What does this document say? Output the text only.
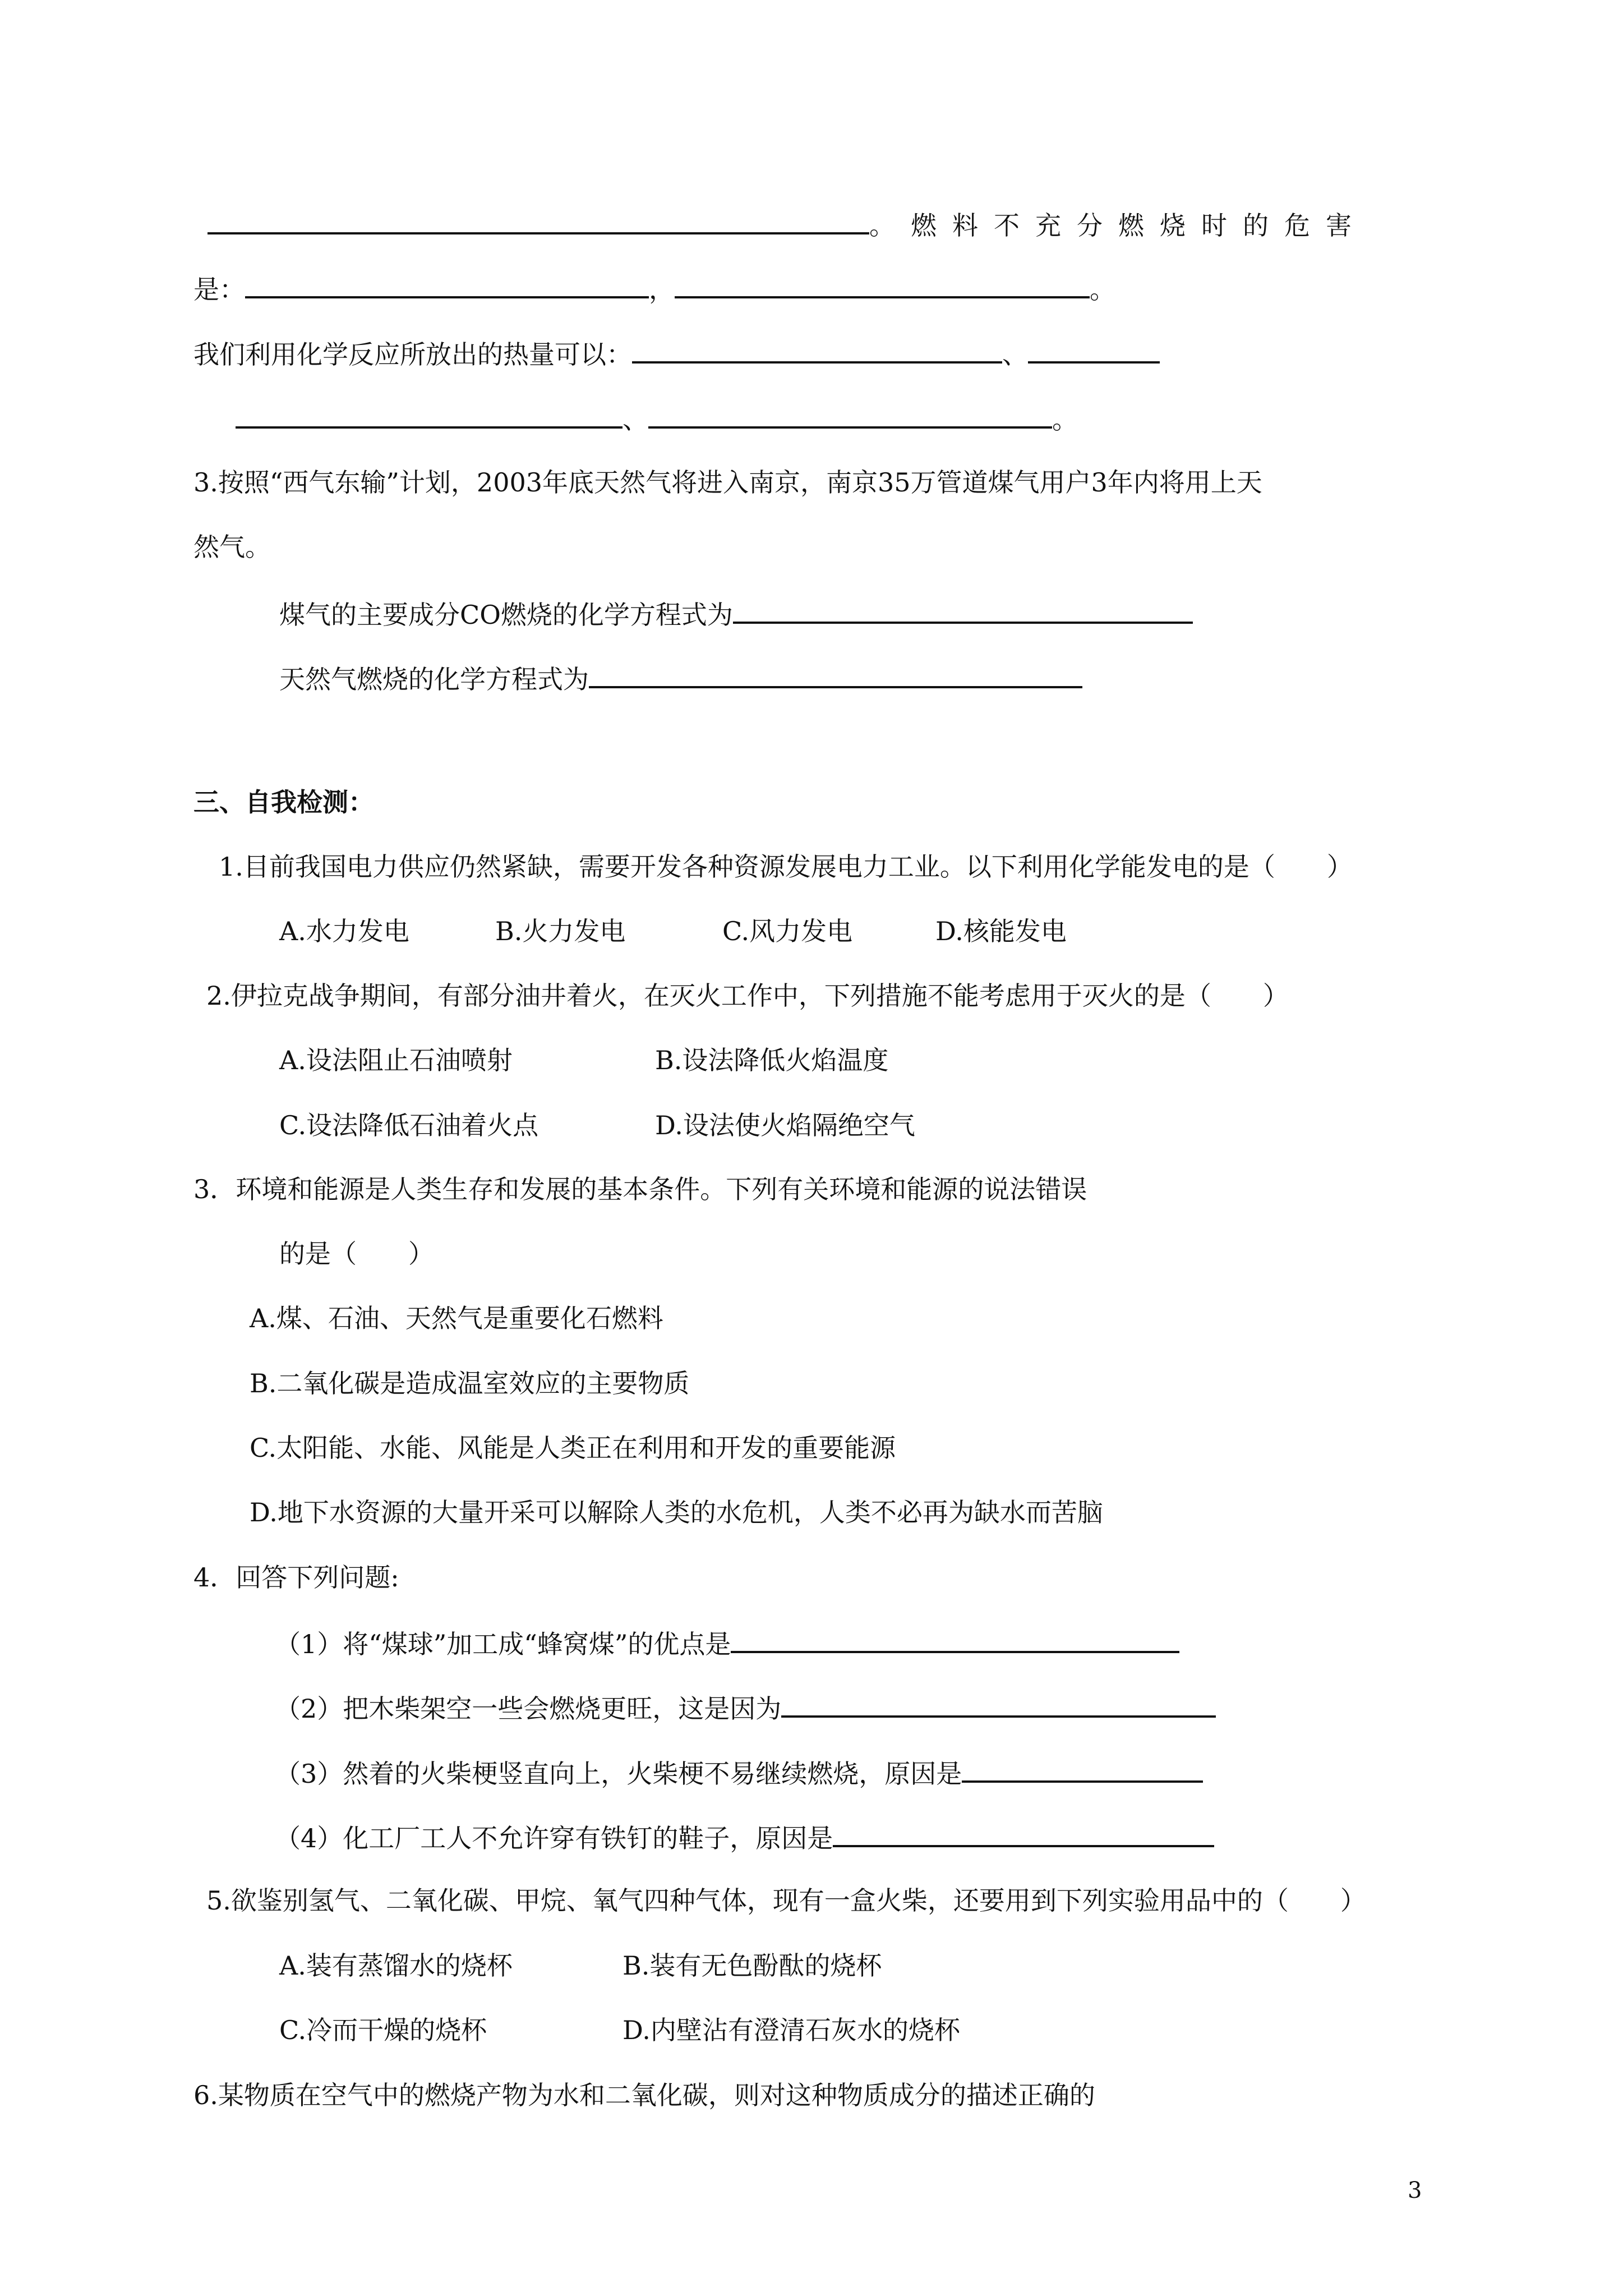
。燃料不充分燃烧时的危害
是：	，	。
我们利用化学反应所放出的热量可以：	、
、	。
3.按照“西气东输”计划，2003年底天然气将进入南京，南京35万管道煤气用户3年内将用上天
然气。
煤气的主要成分CO燃烧的化学方程式为
天然气燃烧的化学方程式为
三、自我检测：
1.目前我国电力供应仍然紧缺，需要开发各种资源发展电力工业。以下利用化学能发电的是（　　）
A.水力发电	B.火力发电	C.风力发电	D.核能发电
2.伊拉克战争期间，有部分油井着火，在灭火工作中，下列措施不能考虑用于灭火的是（　　）
A.设法阻止石油喷射	B.设法降低火焰温度
C.设法降低石油着火点	D.设法使火焰隔绝空气
3．环境和能源是人类生存和发展的基本条件。下列有关环境和能源的说法错误
的是（　　）
A.煤、石油、天然气是重要化石燃料
B.二氧化碳是造成温室效应的主要物质
C.太阳能、水能、风能是人类正在利用和开发的重要能源
D.地下水资源的大量开采可以解除人类的水危机，人类不必再为缺水而苦脑
4．回答下列问题:
（1）将“煤球”加工成“蜂窝煤”的优点是
（2）把木柴架空一些会燃烧更旺，这是因为
（3）然着的火柴梗竖直向上，火柴梗不易继续燃烧，原因是
（4）化工厂工人不允许穿有铁钉的鞋子，原因是
5.欲鉴别氢气、二氧化碳、甲烷、氧气四种气体，现有一盒火柴，还要用到下列实验用品中的（　　）
A.装有蒸馏水的烧杯	B.装有无色酚酞的烧杯
C.冷而干燥的烧杯	D.内壁沾有澄清石灰水的烧杯
6.某物质在空气中的燃烧产物为水和二氧化碳，则对这种物质成分的描述正确的
3
